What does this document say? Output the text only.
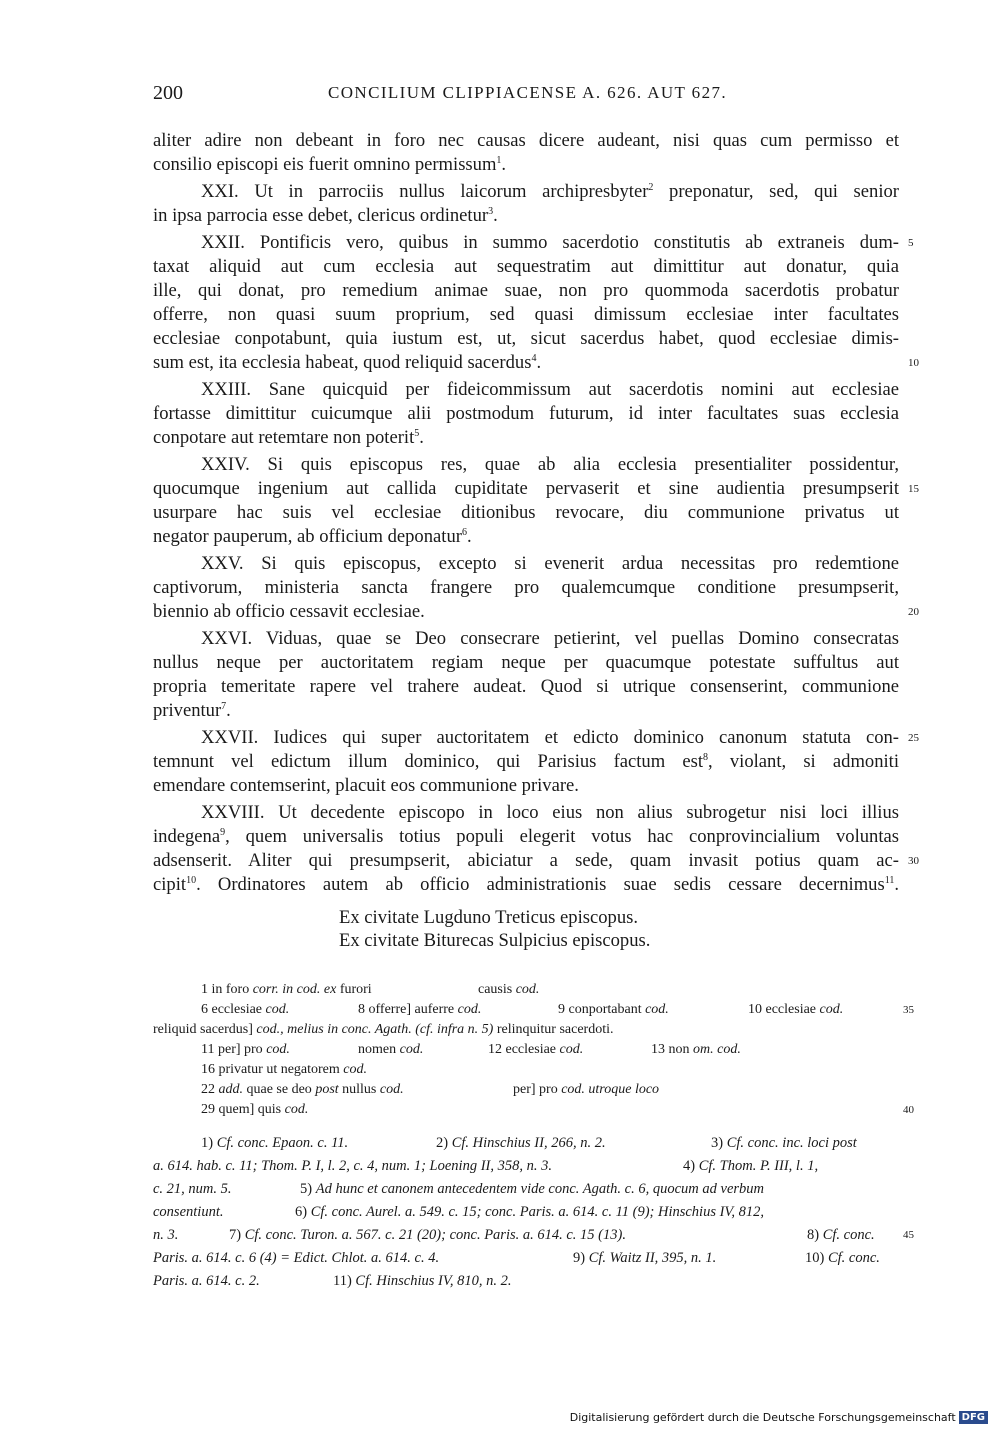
200	CONCILIUM CLIPPIACENSE A. 626. AUT 627.
aliter adire non debeant in foro nec causas dicere audeant, nisi quas cum permisso et
consilio episcopi eis fuerit omnino permissum$^1$.
XXI. Ut in parrociis nullus laicorum archipresbyter$^2$ preponatur, sed, qui senior
in ipsa parrocia esse debet, clericus ordinetur$^3$.
XXII. Pontificis vero, quibus in summo sacerdotio constitutis ab extraneis dum- 5
taxat aliquid aut cum ecclesia aut sequestratim aut dimittitur aut donatur, quia
ille, qui donat, pro remedium animae suae, non pro quommoda sacerdotis probatur
offerre, non quasi suum proprium, sed quasi dimissum ecclesiae inter facultates
ecclesiae conpotabunt, quia iustum est, ut, sicut sacerdus habet, quod ecclesiae dimis-
sum est, ita ecclesia habeat, quod reliquid sacerdus$^4$.	10
XXIII. Sane quicquid per fideicommissum aut sacerdotis nomini aut ecclesiae
fortasse dimittitur cuicumque alii postmodum futurum, id inter facultates suas ecclesia
conpotare aut retemtare non poterit$^5$.
XXIV. Si quis episcopus res, quae ab alia ecclesia presentialiter possidentur,
quocumque ingenium aut callida cupiditate pervaserit et sine audientia presumpserit 15
usurpare hac suis vel ecclesiae ditionibus revocare, diu communione privatus ut
negator pauperum, ab officium deponatur$^6$.
XXV. Si quis episcopus, excepto si evenerit ardua necessitas pro redemtione
captivorum, ministeria sancta frangere pro qualemcumque conditione presumpserit,
biennio ab officio cessavit ecclesiae.	20
XXVI. Viduas, quae se Deo consecrare petierint, vel puellas Domino consecratas
nullus neque per auctoritatem regiam neque per quacumque potestate suffultus aut
propria temeritate rapere vel trahere audeat. Quod si utrique consenserint, communione
priventur$^7$.
XXVII. Iudices qui super auctoritatem et edicto dominico canonum statuta con- 25
temnunt vel edictum illum dominico, qui Parisius factum est$^8$, violant, si admoniti
emendare contemserint, placuit eos communione privare.
XXVIII. Ut decedente episcopo in loco eius non alius subrogetur nisi loci illius
indegena$^9$, quem universalis totius populi elegerit votus hac conprovincialium voluntas
adsenserit. Aliter qui presumpserit, abiciatur a sede, quam invasit potius quam ac- 30
cipit$^{10}$. Ordinatores autem ab officio administrationis suae sedis cessare decernimus$^{11}$.
Ex civitate Lugduno Treticus episcopus.
Ex civitate Biturecas Sulpicius episcopus.
1 in foro corr. in cod. ex furori	causis cod.
6 ecclesiae cod.	8 offerre] auferre cod.	9 conportabant cod.	10 ecclesiae cod.	35
reliquid sacerdus] cod., melius in conc. Agath. (cf. infra n. 5) relinquitur sacerdoti.
11 per] pro cod.	nomen cod.	12 ecclesiae cod.	13 non om. cod.
16 privatur ut negatorem cod.
22 add. quae se deo post nullus cod.	per] pro cod. utroque loco
29 quem] quis cod.	40
1) Cf. conc. Epaon. c. 11.	2) Cf. Hinschius II, 266, n. 2.	3) Cf. conc. inc. loci post
a. 614. hab. c. 11; Thom. P. I, l. 2, c. 4, num. 1; Loening II, 358, n. 3.	4) Cf. Thom. P. III, l. 1,
c. 21, num. 5.	5) Ad hunc et canonem antecedentem vide conc. Agath. c. 6, quocum ad verbum
consentiunt.	6) Cf. conc. Aurel. a. 549. c. 15; conc. Paris. a. 614. c. 11 (9); Hinschius IV, 812,
n. 3.	7) Cf. conc. Turon. a. 567. c. 21 (20); conc. Paris. a. 614. c. 15 (13).	8) Cf. conc.	45
Paris. a. 614. c. 6 (4) = Edict. Chlot. a. 614. c. 4.	9) Cf. Waitz II, 395, n. 1.	10) Cf. conc.
Paris. a. 614. c. 2.	11) Cf. Hinschius IV, 810, n. 2.
Digitalisierung gefördert durch die Deutsche Forschungsgemeinschaft DFG
